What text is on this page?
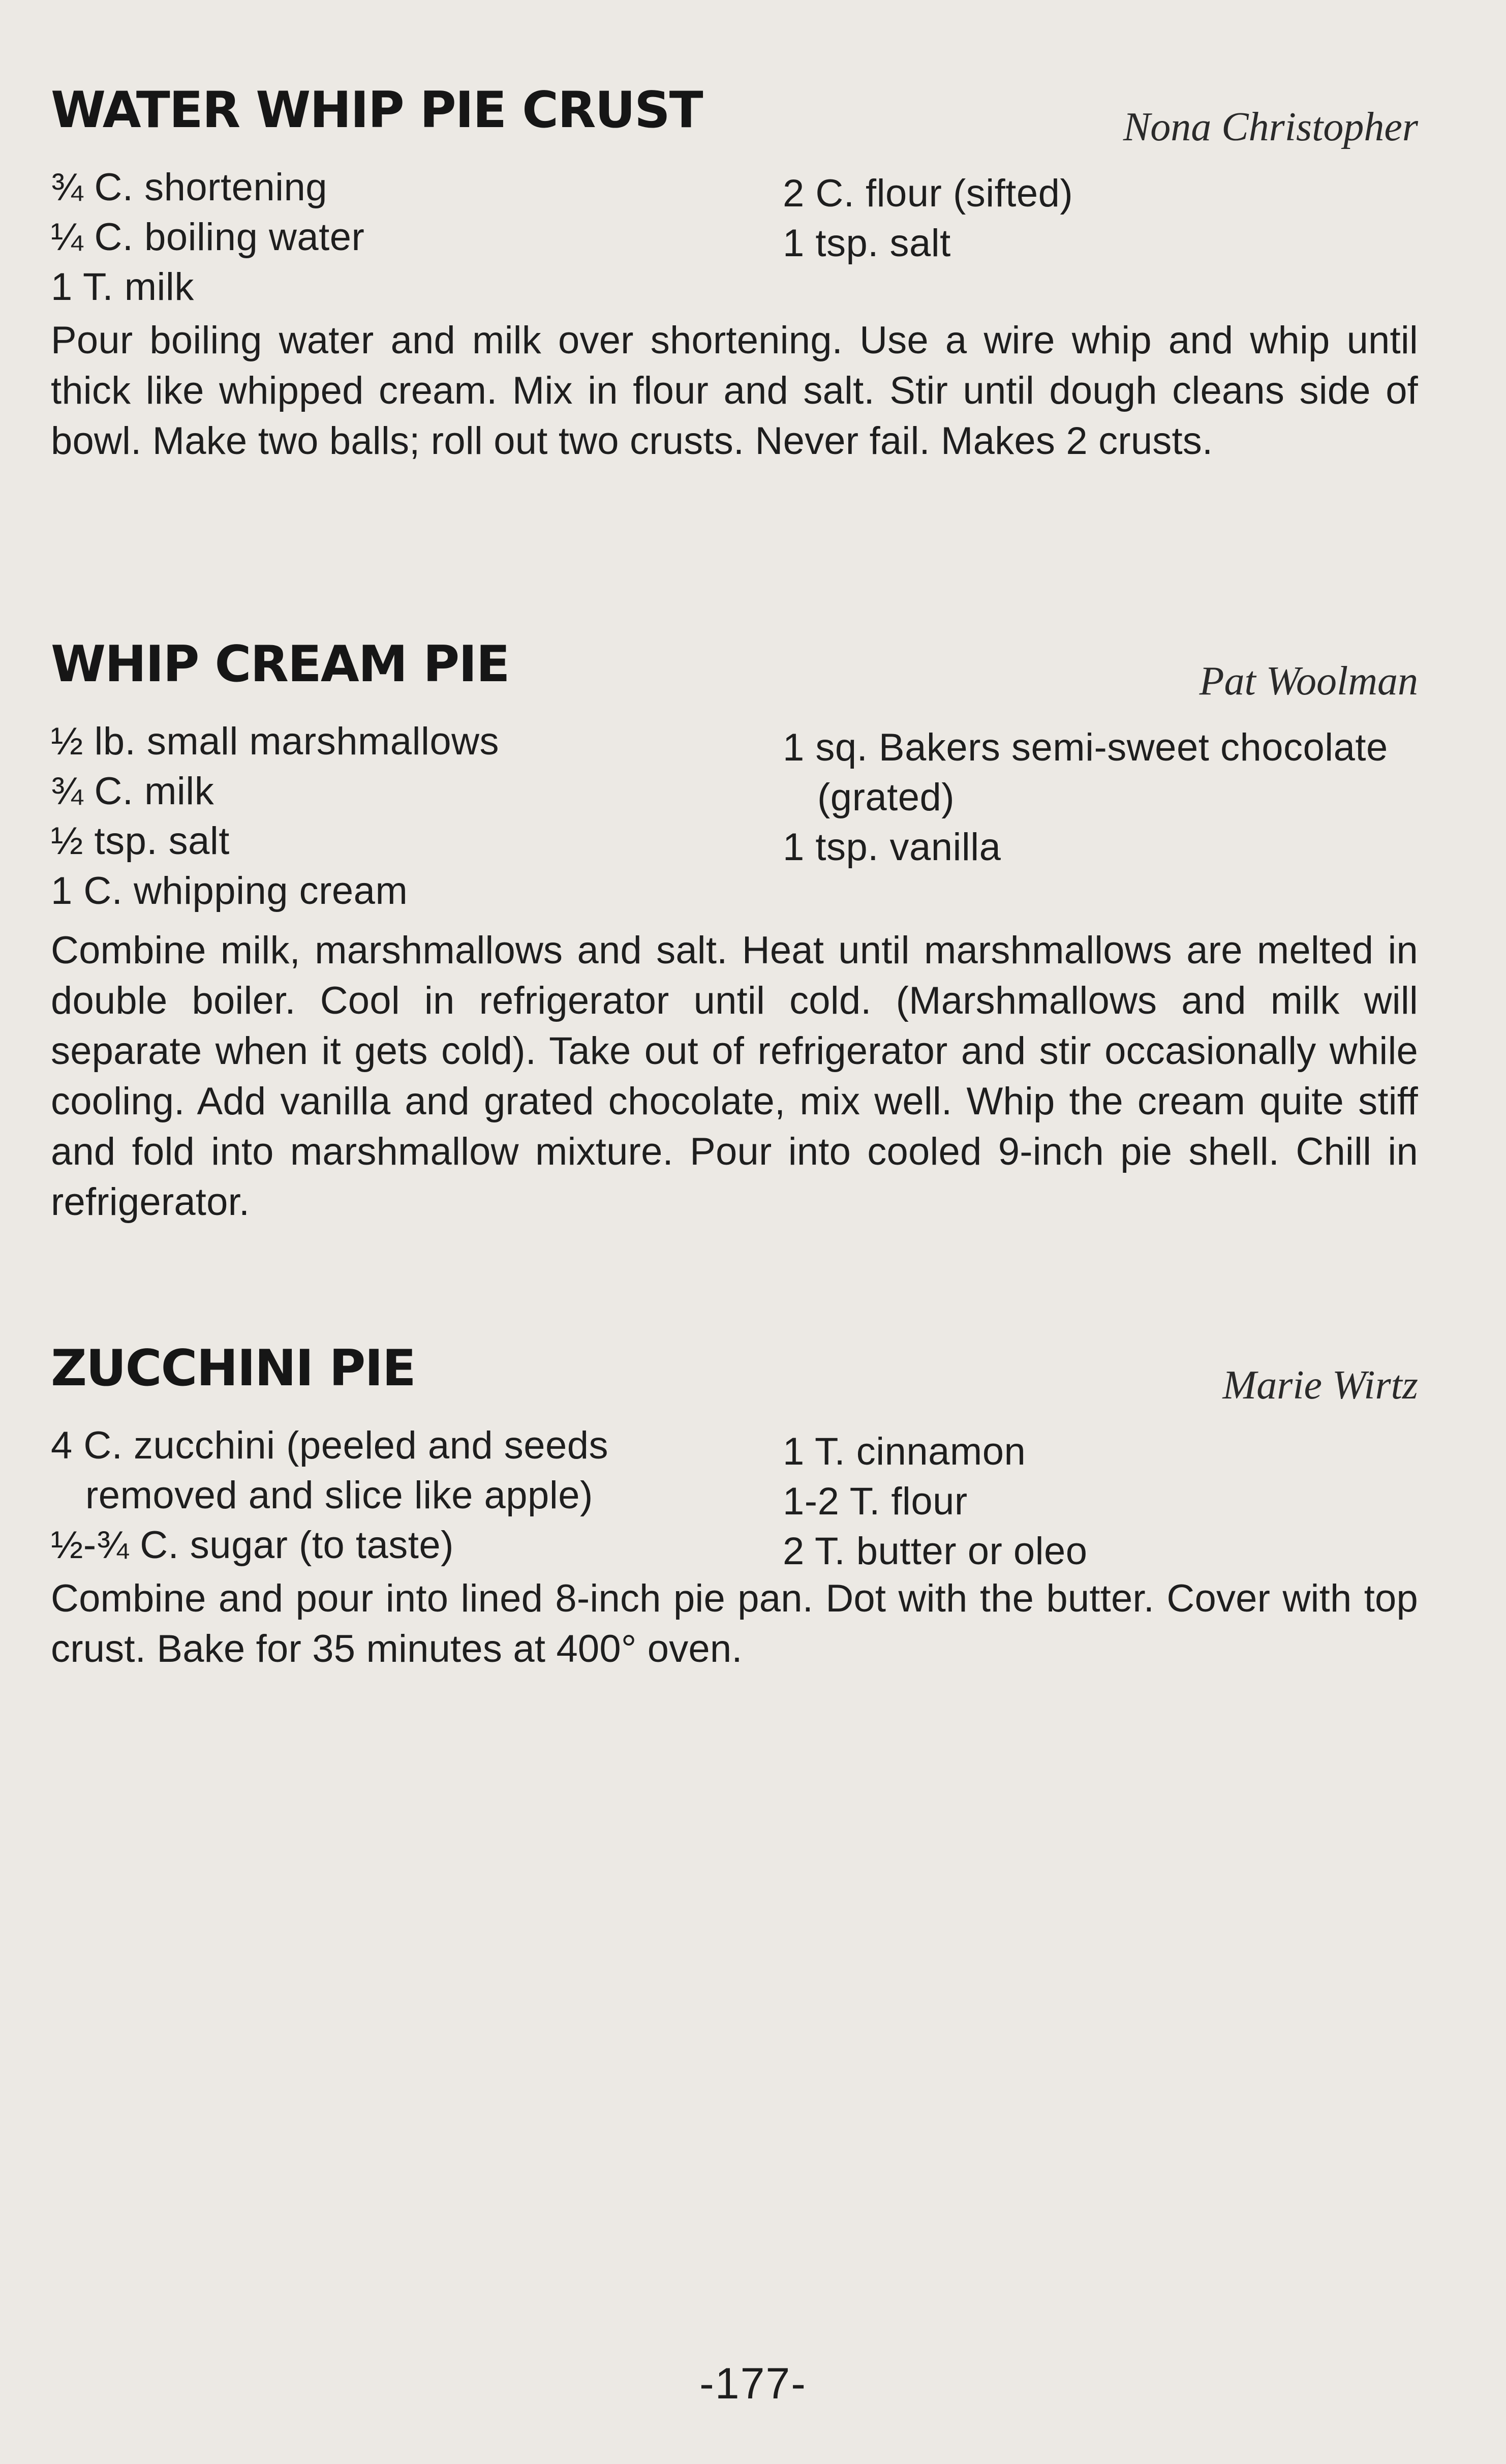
WATER WHIP PIE CRUST	Nona Christopher
¾ C. shortening
¼ C. boiling water
1 T. milk
2 C. flour (sifted)
1 tsp. salt

Pour boiling water and milk over shortening. Use a wire whip and whip until thick like whipped cream. Mix in flour and salt. Stir until dough cleans side of bowl. Make two balls; roll out two crusts. Never fail. Makes 2 crusts.

WHIP CREAM PIE	Pat Woolman
½ lb. small marshmallows
¾ C. milk
½ tsp. salt
1 C. whipping cream
1 sq. Bakers semi-sweet chocolate
(grated)
1 tsp. vanilla

Combine milk, marshmallows and salt. Heat until marshmallows are melted in double boiler. Cool in refrigerator until cold. (Marshmallows and milk will separate when it gets cold). Take out of refrigerator and stir occasionally while cooling. Add vanilla and grated chocolate, mix well. Whip the cream quite stiff and fold into marshmallow mixture. Pour into cooled 9-inch pie shell. Chill in refrigerator.

ZUCCHINI PIE	Marie Wirtz
4 C. zucchini (peeled and seeds
removed and slice like apple)
½-¾ C. sugar (to taste)
1 T. cinnamon
1-2 T. flour
2 T. butter or oleo

Combine and pour into lined 8-inch pie pan. Dot with the butter. Cover with top crust. Bake for 35 minutes at 400° oven.

-177-
